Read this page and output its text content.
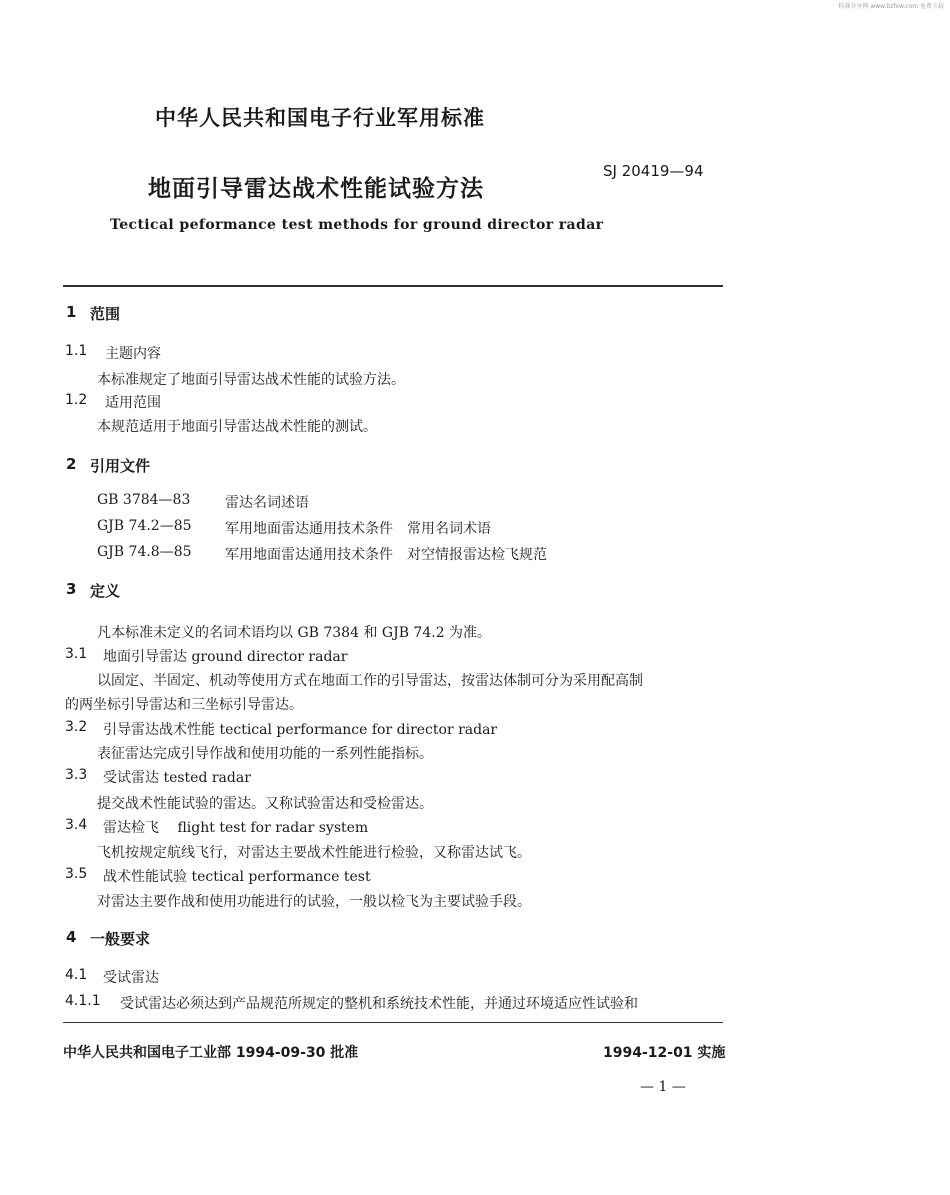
标准分享网 www.bzfxw.com 免费下载
中华人民共和国电子行业军用标准
地面引导雷达战术性能试验方法
SJ 20419—94
Tectical peformance test methods for ground director radar
1 范围
1.1 主题内容
本标准规定了地面引导雷达战术性能的试验方法。
1.2 适用范围
本规范适用于地面引导雷达战术性能的测试。
2 引用文件
GB 3784—83 雷达名词述语
GJB 74.2—85 军用地面雷达通用技术条件　常用名词术语
GJB 74.8—85 军用地面雷达通用技术条件　对空情报雷达检飞规范
3 定义
凡本标准未定义的名词术语均以 GB 7384 和 GJB 74.2 为准。
3.1 地面引导雷达 ground director radar
以固定、半固定、机动等使用方式在地面工作的引导雷达，按雷达体制可分为采用配高制
的两坐标引导雷达和三坐标引导雷达。
3.2 引导雷达战术性能 tectical performance for director radar
表征雷达完成引导作战和使用功能的一系列性能指标。
3.3 受试雷达 tested radar
提交战术性能试验的雷达。又称试验雷达和受检雷达。
3.4 雷达检飞　 flight test for radar system
飞机按规定航线飞行，对雷达主要战术性能进行检验，又称雷达试飞。
3.5 战术性能试验 tectical performance test
对雷达主要作战和使用功能进行的试验，一般以检飞为主要试验手段。
4 一般要求
4.1 受试雷达
4.1.1 受试雷达必须达到产品规范所规定的整机和系统技术性能，并通过环境适应性试验和
中华人民共和国电子工业部 1994-09-30 批准	1994-12-01 实施
— 1 —
